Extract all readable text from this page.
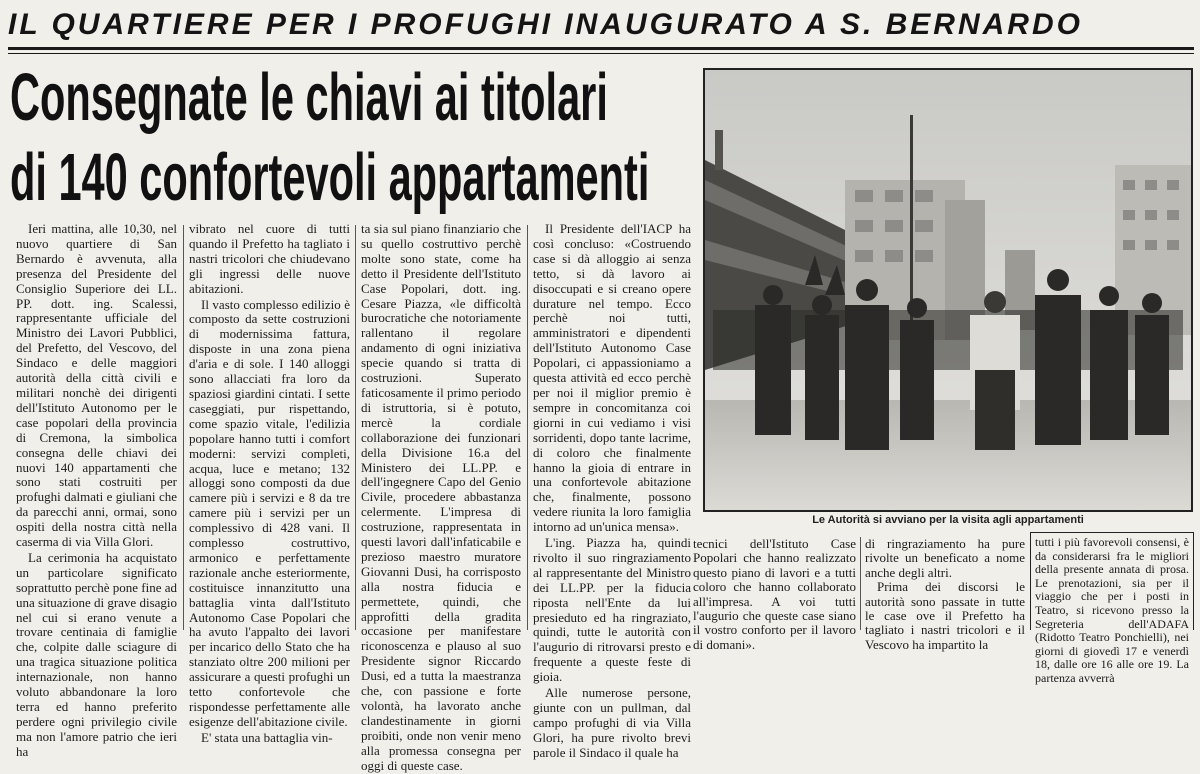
IL QUARTIERE PER I PROFUGHI INAUGURATO A S. BERNARDO
Consegnate le chiavi ai titolari
di 140 confortevoli appartamenti

Ieri mattina, alle 10,30, nel nuovo quartiere di San Bernardo è avvenuta, alla presenza del Presidente del Consiglio Superiore dei LL. PP. dott. ing. Scalessi, rappresentante ufficiale del Ministro dei Lavori Pubblici, del Prefetto, del Vescovo, del Sindaco e delle maggiori autorità della città civili e militari nonchè dei dirigenti dell'Istituto Autonomo per le case popolari della provincia di Cremona, la simbolica consegna delle chiavi dei nuovi 140 appartamenti che sono stati costruiti per profughi dalmati e giuliani che da parecchi anni, ormai, sono ospiti della nostra città nella caserma di via Villa Glori.

La cerimonia ha acquistato un particolare significato soprattutto perchè pone fine ad una situazione di grave disagio nel cui si erano venute a trovare centinaia di famiglie che, colpite dalle sciagure di una tragica situazione politica internazionale, non hanno voluto abbandonare la loro terra ed hanno preferito perdere ogni privilegio civile ma non l'amore patrio che ieri ha

vibrato nel cuore di tutti quando il Prefetto ha tagliato i nastri tricolori che chiudevano gli ingressi delle nuove abitazioni.

Il vasto complesso edilizio è composto da sette costruzioni di modernissima fattura, disposte in una zona piena d'aria e di sole. I 140 alloggi sono allacciati fra loro da spaziosi giardini cintati. I sette caseggiati, pur rispettando, come spazio vitale, l'edilizia popolare hanno tutti i comfort moderni: servizi completi, acqua, luce e metano; 132 alloggi sono composti da due camere più i servizi e 8 da tre camere più i servizi per un complessivo di 428 vani. Il complesso costruttivo, armonico e perfettamente razionale anche esteriormente, costituisce innanzitutto una battaglia vinta dall'Istituto Autonomo Case Popolari che ha avuto l'appalto dei lavori per incarico dello Stato che ha stanziato oltre 200 milioni per assicurare a questi profughi un tetto confortevole che rispondesse perfettamente alle esigenze dell'abitazione civile.

E' stata una battaglia vin-

ta sia sul piano finanziario che su quello costruttivo perchè molte sono state, come ha detto il Presidente dell'Istituto Case Popolari, dott. ing. Cesare Piazza, «le difficoltà burocratiche che notoriamente rallentano il regolare andamento di ogni iniziativa specie quando si tratta di costruzioni. Superato faticosamente il primo periodo di istruttoria, si è potuto, mercè la cordiale collaborazione dei funzionari della Divisione 16.a del Ministero dei LL.PP. e dell'ingegnere Capo del Genio Civile, procedere abbastanza celermente. L'impresa di costruzione, rappresentata in questi lavori dall'infaticabile e prezioso maestro muratore Giovanni Dusi, ha corrisposto alla nostra fiducia e permettete, quindi, che approfitti della gradita occasione per manifestare riconoscenza e plauso al suo Presidente signor Riccardo Dusi, ed a tutta la maestranza che, con passione e forte volontà, ha lavorato anche clandestinamente in giorni proibiti, onde non venir meno alla promessa consegna per oggi di queste case.

Il Presidente dell'IACP ha così concluso: «Costruendo case si dà alloggio ai senza tetto, si dà lavoro ai disoccupati e si creano opere durature nel tempo. Ecco perchè noi tutti, amministratori e dipendenti dell'Istituto Autonomo Case Popolari, ci appassioniamo a questa attività ed ecco perchè per noi il miglior premio è sempre in concomitanza coi giorni in cui vediamo i visi sorridenti, dopo tante lacrime, di coloro che finalmente hanno la gioia di entrare in una confortevole abitazione che, finalmente, possono vedere riunita la loro famiglia intorno ad un'unica mensa».

L'ing. Piazza ha, quindi rivolto il suo ringraziamento al rappresentante del Ministro dei LL.PP. per la fiducia riposta nell'Ente da lui presieduto ed ha ringraziato, quindi, tutte le autorità con l'augurio di ritrovarsi presto e frequente a queste feste di gioia.

Alle numerose persone, giunte con un pullman, dal campo profughi di via Villa Glori, ha pure rivolto brevi parole il Sindaco il quale ha

Le Autorità si avviano per la visita agli appartamenti

tecnici dell'Istituto Case Popolari che hanno realizzato questo piano di lavori e a tutti coloro che hanno collaborato all'impresa. A voi tutti l'augurio che queste case siano il vostro conforto per il lavoro di domani».

di ringraziamento ha pure rivolte un beneficato a nome anche degli altri.

Prima dei discorsi le autorità sono passate in tutte le case ove il Prefetto ha tagliato i nastri tricolori e il Vescovo ha impartito la

tutti i più favorevoli consensi, è da considerarsi fra le migliori della presente annata di prosa. Le prenotazioni, sia per il viaggio che per i posti in Teatro, si ricevono presso la Segreteria dell'ADAFA (Ridotto Teatro Ponchielli), nei giorni di giovedì 17 e venerdì 18, dalle ore 16 alle ore 19. La partenza avverrà
